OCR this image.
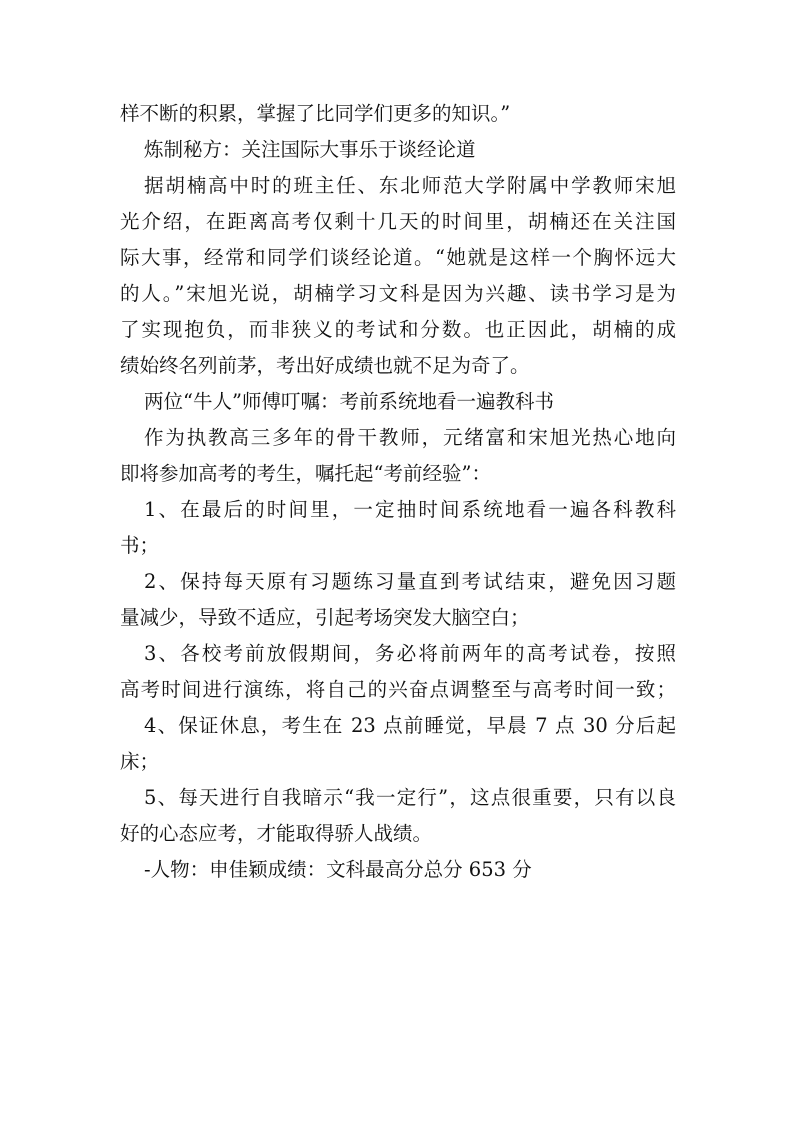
样不断的积累，掌握了比同学们更多的知识。”
炼制秘方：关注国际大事乐于谈经论道
据胡楠高中时的班主任、东北师范大学附属中学教师宋旭
光介绍，在距离高考仅剩十几天的时间里，胡楠还在关注国
际大事，经常和同学们谈经论道。“她就是这样一个胸怀远大
的人。”宋旭光说，胡楠学习文科是因为兴趣、读书学习是为
了实现抱负，而非狭义的考试和分数。也正因此，胡楠的成
绩始终名列前茅，考出好成绩也就不足为奇了。
两位“牛人”师傅叮嘱：考前系统地看一遍教科书
作为执教高三多年的骨干教师，元绪富和宋旭光热心地向
即将参加高考的考生，嘱托起“考前经验”：
1、在最后的时间里，一定抽时间系统地看一遍各科教科
书；
2、保持每天原有习题练习量直到考试结束，避免因习题
量减少，导致不适应，引起考场突发大脑空白；
3、各校考前放假期间，务必将前两年的高考试卷，按照
高考时间进行演练，将自己的兴奋点调整至与高考时间一致；
4、保证休息，考生在 23 点前睡觉，早晨 7 点 30 分后起
床；
5、每天进行自我暗示“我一定行”，这点很重要，只有以良
好的心态应考，才能取得骄人战绩。
-人物：申佳颖成绩：文科最高分总分 653 分
